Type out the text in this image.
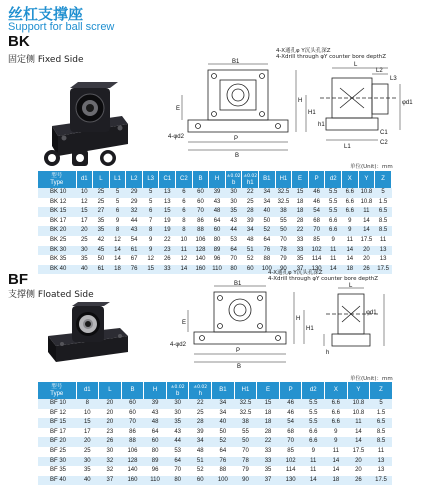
丝杠支撑座
Support for ball screw
BK
固定侧 Fixed Side
4-X通孔φ Y沉头孔深Z
4-Xdrill through φY counter bore depthZ
B1
P
B
H
H1
E
4-φd2
L
L2
L3
L1
C1
C2
φd1
h1
单位(Unit)：mm
型号
Type	d1	L	L1	L2	L3	C1	C2	B	H	±0.02
b	±0.02
h1	B1	H1	E	P	d2	X	Y	Z

BK 10	10	25	5	29	5	13	6	60	39	30	22	34	32.5	15	46	5.5	6.6	10.8	5
BK 12	12	25	5	29	5	13	6	60	43	30	25	34	32.5	18	46	5.5	6.6	10.8	1.5
BK 15	15	27	6	32	6	15	6	70	48	35	28	40	38	18	54	5.5	6.6	11	6.5
BK 17	17	35	9	44	7	19	8	86	64	43	39	50	55	28	68	6.6	9	14	8.5
BK 20	20	35	8	43	8	19	8	88	60	44	34	52	50	22	70	6.6	9	14	8.5
BK 25	25	42	12	54	9	22	10	106	80	53	48	64	70	33	85	9	11	17.5	11
BK 30	30	45	14	61	9	23	11	128	89	64	51	76	78	33	102	11	14	20	13
BK 35	35	50	14	67	12	26	12	140	96	70	52	88	79	35	114	11	14	20	13
BK 40	40	61	18	76	15	33	14	160	110	80	60	100	90	37	130	14	18	26	17.5
BF
支撑侧 Floated Side
4-X通孔φ Y沉头孔深Z
4-Xdrill through φY counter bore depthZ
B1
P
B
H
H1
E
4-φd2
L
φd1
h
单位(Unit)：mm
型号
Type	d1	L	B	H	±0.02
b	±0.02
h	B1	H1	E	P	d2	X	Y	Z

BF 10	8	20	60	39	30	22	34	32.5	15	46	5.5	6.6	10.8	5
BF 12	10	20	60	43	30	25	34	32.5	18	46	5.5	6.6	10.8	1.5
BF 15	15	20	70	48	35	28	40	38	18	54	5.5	6.6	11	6.5
BF 17	17	23	86	64	43	39	50	55	28	68	6.6	9	14	8.5
BF 20	20	26	88	60	44	34	52	50	22	70	6.6	9	14	8.5
BF 25	25	30	106	80	53	48	64	70	33	85	9	11	17.5	11
BF 30	30	32	128	89	64	51	76	78	33	102	11	14	20	13
BF 35	35	32	140	96	70	52	88	79	35	114	11	14	20	13
BF 40	40	37	160	110	80	60	100	90	37	130	14	18	26	17.5
